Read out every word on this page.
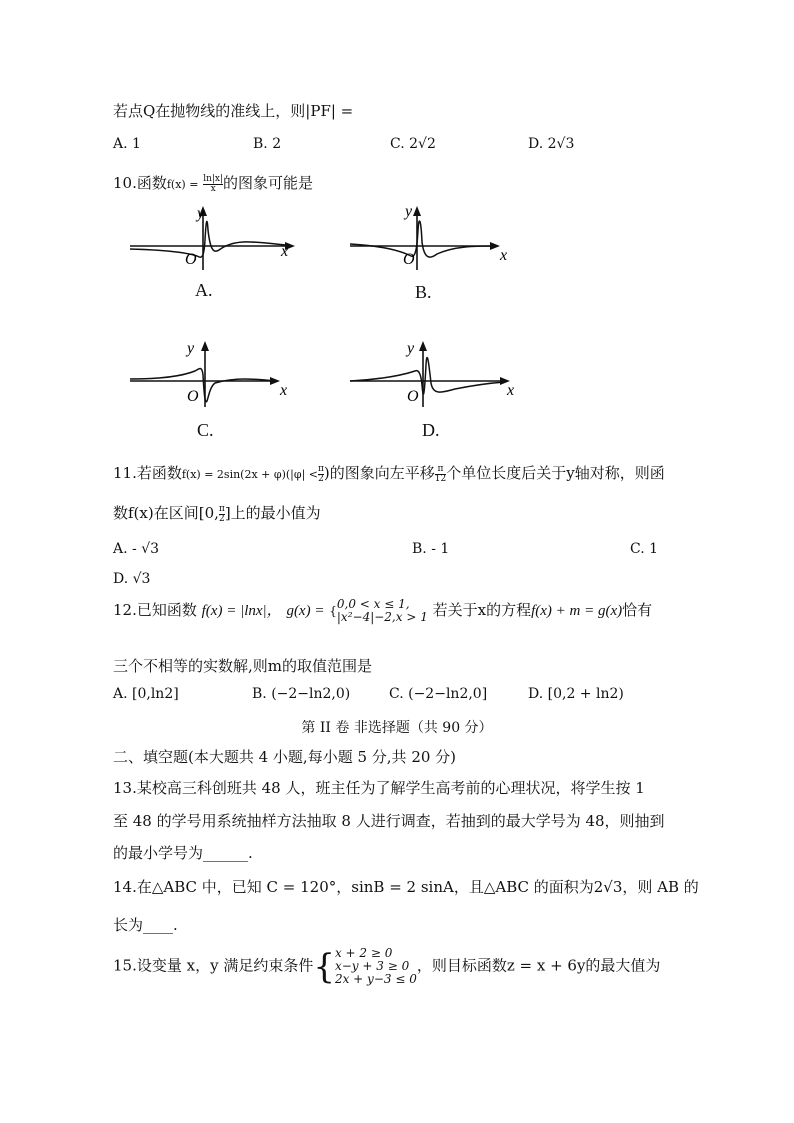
若点Q在抛物线的准线上，则|PF| =
A. 1	B. 2	C. 2√2	D. 2√3
10.函数$f(x) = \frac{\ln|x|}{x}$ 的图象可能是
y
x
O
A.
y
x
O
B.
y
x
O
C.
y
x
O
D.
11.若函数$f(x) = 2\sin(2x + \varphi)(|\varphi| < \frac{\pi}{2}$ )的图象向左平移 $\frac{\pi}{12}$ 个单位长度后关于y轴对称，则函
数f(x)在区间[0, $\frac{\pi}{2}$ ]上的最小值为
A. - √3	B. - 1	C. 1
D. √3
12.已知函数 f(x) = |lnx|， g(x) = { 0,0 < x ≤ 1,
|x²−4|−2,x > 1 若关于x的方程f(x) + m = g(x)恰有
三个不相等的实数解,则m的取值范围是
A. [0,ln2]	B. (−2−ln2,0)	C. (−2−ln2,0]	D. [0,2 + ln2)
第 II 卷 非选择题（共 90 分）
二、填空题(本大题共 4 小题,每小题 5 分,共 20 分)
13.某校高三科创班共 48 人，班主任为了解学生高考前的心理状况，将学生按 1
至 48 的学号用系统抽样方法抽取 8 人进行调查，若抽到的最大学号为 48，则抽到
的最小学号为______.
14.在△ABC 中，已知 C = 120°，sinB = 2 sinA，且△ABC 的面积为2√3，则 AB 的
长为____.
15.设变量 x，y 满足约束条件{ x + 2 ≥ 0
x−y + 3 ≥ 0
2x + y−3 ≤ 0
，则目标函数z = x + 6y的最大值为
